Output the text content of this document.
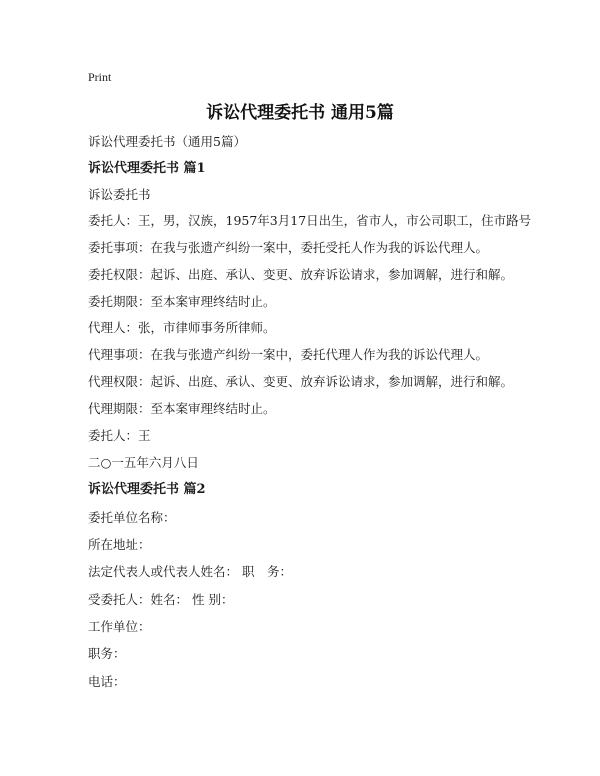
Print
诉讼代理委托书 通用5篇
诉讼代理委托书（通用5篇）
诉讼代理委托书 篇1
诉讼委托书
委托人：王，男，汉族，1957年3月17日出生，省市人，市公司职工，住市路号
委托事项：在我与张遗产纠纷一案中，委托受托人作为我的诉讼代理人。
委托权限：起诉、出庭、承认、变更、放弃诉讼请求，参加调解，进行和解。
委托期限：至本案审理终结时止。
代理人：张，市律师事务所律师。
代理事项：在我与张遗产纠纷一案中，委托代理人作为我的诉讼代理人。
代理权限：起诉、出庭、承认、变更、放弃诉讼请求，参加调解，进行和解。
代理期限：至本案审理终结时止。
委托人：王
二○一五年六月八日
诉讼代理委托书 篇2
委托单位名称：
所在地址：
法定代表人或代表人姓名： 职　务：
受委托人：姓名： 性 别：
工作单位：
职务：
电话：
